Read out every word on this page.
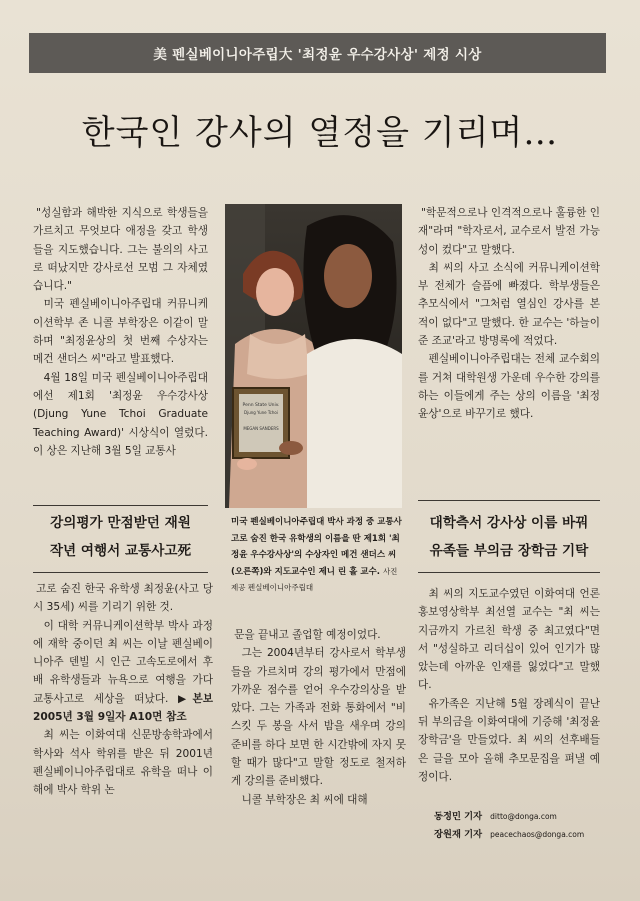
美 펜실베이니아주립大 '최정윤 우수강사상' 제정 시상
한국인 강사의 열정을 기리며…

"성실함과 해박한 지식으로 학생들을 가르치고 무엇보다 애정을 갖고 학생들을 지도했습니다. 그는 불의의 사고로 떠났지만 강사로선 모범 그 자체였습니다."

미국 펜실베이니아주립대 커뮤니케이션학부 존 니콜 부학장은 이같이 말하며 "최정윤상의 첫 번째 수상자는 메건 샌더스 씨"라고 발표했다.

4월 18일 미국 펜실베이니아주립대에선 제1회 '최정윤 우수강사상(Djung Yune Tchoi Graduate Teaching Award)' 시상식이 열렸다. 이 상은 지난해 3월 5일 교통사

강의평가 만점받던 재원
작년 여행서 교통사고死

고로 숨진 한국 유학생 최정윤(사고 당시 35세) 씨를 기리기 위한 것.

이 대학 커뮤니케이션학부 박사 과정에 재학 중이던 최 씨는 이날 펜실베이니아주 덴빌 시 인근 고속도로에서 후배 유학생들과 뉴욕으로 여행을 가다 교통사고로 세상을 떠났다. ▶본보 2005년 3월 9일자 A10면 참조

최 씨는 이화여대 신문방송학과에서 학사와 석사 학위를 받은 뒤 2001년 펜실베이니아주립대로 유학을 떠나 이 해에 박사 학위 논

Penn State Univ.
Djung Yune Tchoi
MEGAN SANDERS
미국 펜실베이니아주립대 박사 과정 중 교통사고로 숨진 한국 유학생의 이름을 딴 제1회 '최정윤 우수강사상'의 수상자인 메건 샌더스 씨(오른쪽)와 지도교수인 제니 린 홀 교수. 사진 제공 펜실베이니아주립대

문을 끝내고 졸업할 예정이었다.

그는 2004년부터 강사로서 학부생들을 가르치며 강의 평가에서 만점에 가까운 점수를 얻어 우수강의상을 받았다. 그는 가족과 전화 통화에서 "비스킷 두 봉을 사서 밤을 새우며 강의 준비를 하다 보면 한 시간밖에 자지 못할 때가 많다"고 말할 정도로 철저하게 강의를 준비했다.

니콜 부학장은 최 씨에 대해

"학문적으로나 인격적으로나 훌륭한 인재"라며 "학자로서, 교수로서 발전 가능성이 컸다"고 말했다.

최 씨의 사고 소식에 커뮤니케이션학부 전체가 슬픔에 빠졌다. 학부생들은 추모식에서 "그처럼 열심인 강사를 본 적이 없다"고 말했다. 한 교수는 '하늘이 준 조교'라고 방명록에 적었다.

펜실베이니아주립대는 전체 교수회의를 거쳐 대학원생 가운데 우수한 강의를 하는 이들에게 주는 상의 이름을 '최정윤상'으로 바꾸기로 했다.

대학측서 강사상 이름 바꿔
유족들 부의금 장학금 기탁

최 씨의 지도교수였던 이화여대 언론홍보영상학부 최선열 교수는 "최 씨는 지금까지 가르친 학생 중 최고였다"면서 "성실하고 리더십이 있어 인기가 많았는데 아까운 인재를 잃었다"고 말했다.

유가족은 지난해 5월 장례식이 끝난 뒤 부의금을 이화여대에 기증해 '최정윤 장학금'을 만들었다. 최 씨의 선후배들은 글을 모아 올해 추모문집을 펴낼 예정이다.

동정민 기자 ditto@donga.com
장원재 기자 peacechaos@donga.com
